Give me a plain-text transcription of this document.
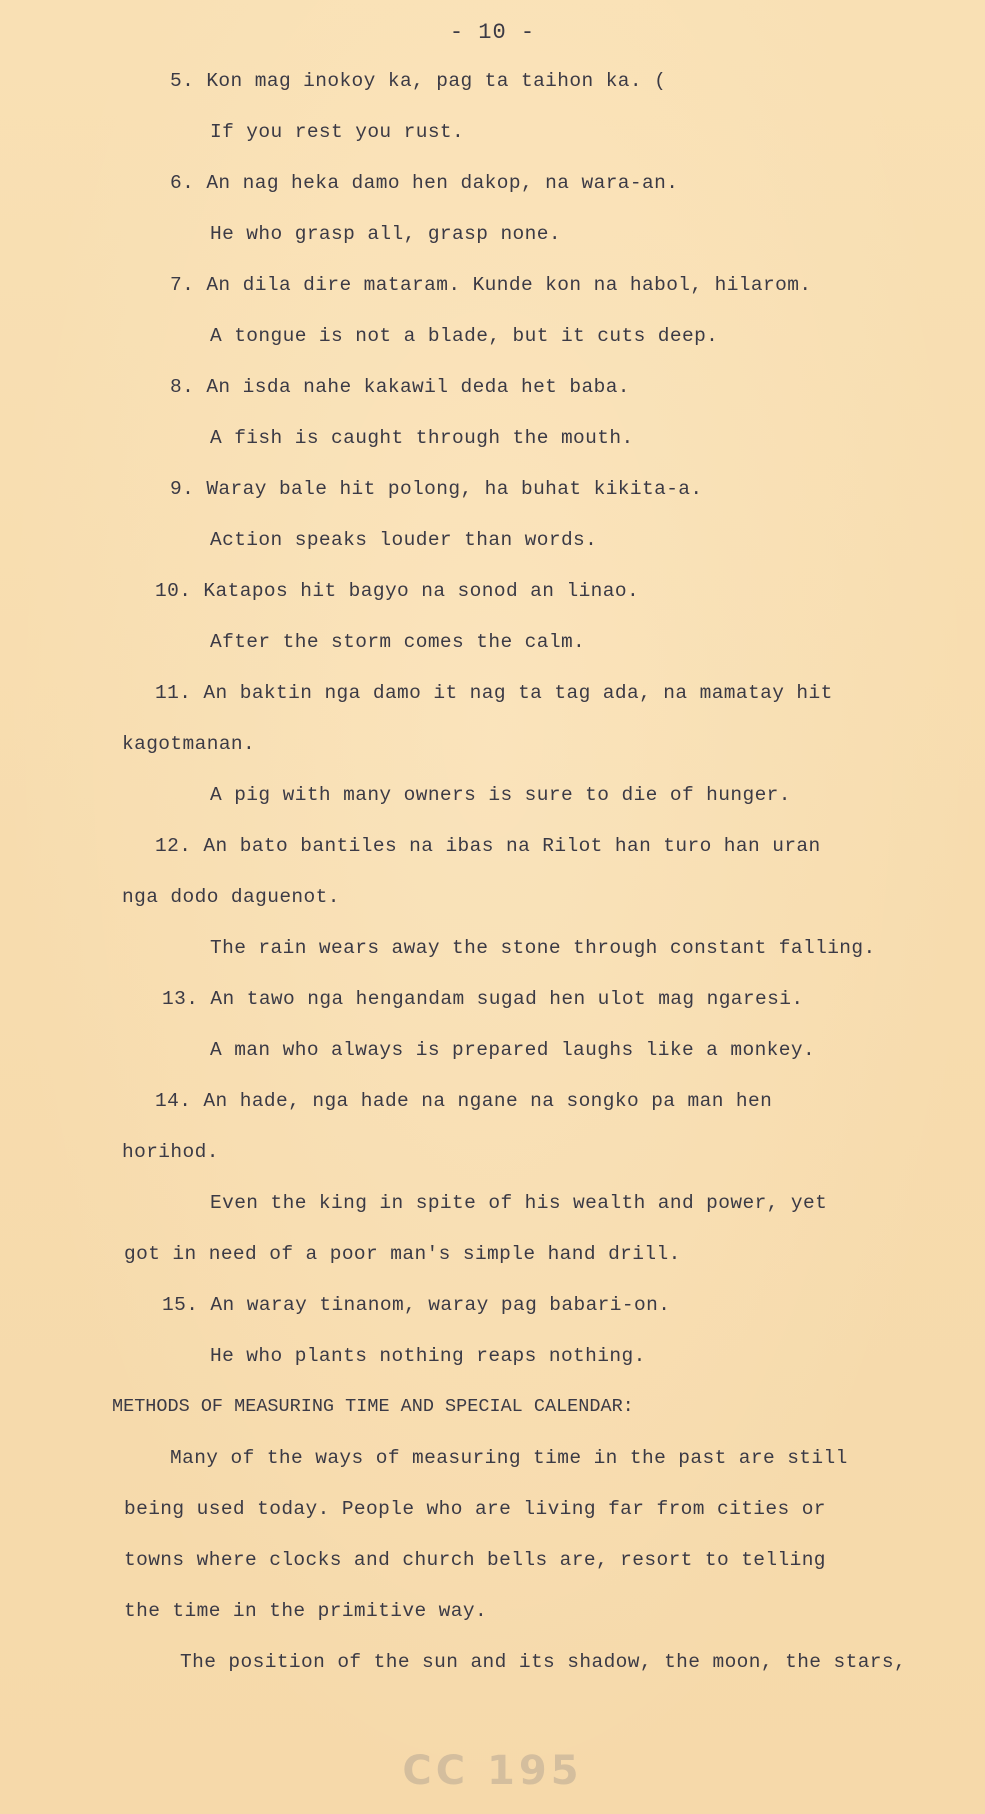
- 10 -
5. Kon mag inokoy ka, pag ta taihon ka. (
If you rest you rust.
6. An nag heka damo hen dakop, na wara-an.
He who grasp all, grasp none.
7. An dila dire mataram. Kunde kon na habol, hilarom.
A tongue is not a blade, but it cuts deep.
8. An isda nahe kakawil deda het baba.
A fish is caught through the mouth.
9. Waray bale hit polong, ha buhat kikita-a.
Action speaks louder than words.
10. Katapos hit bagyo na sonod an linao.
After the storm comes the calm.
11. An baktin nga damo it nag ta tag ada, na mamatay hit
kagotmanan.
A pig with many owners is sure to die of hunger.
12. An bato bantiles na ibas na Rilot han turo han uran
nga dodo daguenot.
The rain wears away the stone through constant falling.
13. An tawo nga hengandam sugad hen ulot mag ngaresi.
A man who always is prepared laughs like a monkey.
14. An hade, nga hade na ngane na songko pa man hen
horihod.
Even the king in spite of his wealth and power, yet
got in need of a poor man's simple hand drill.
15. An waray tinanom, waray pag babari-on.
He who plants nothing reaps nothing.
METHODS OF MEASURING TIME AND SPECIAL CALENDAR:
Many of the ways of measuring time in the past are still
being used today. People who are living far from cities or
towns where clocks and church bells are, resort to telling
the time in the primitive way.
The position of the sun and its shadow, the moon, the stars,
CC 195
